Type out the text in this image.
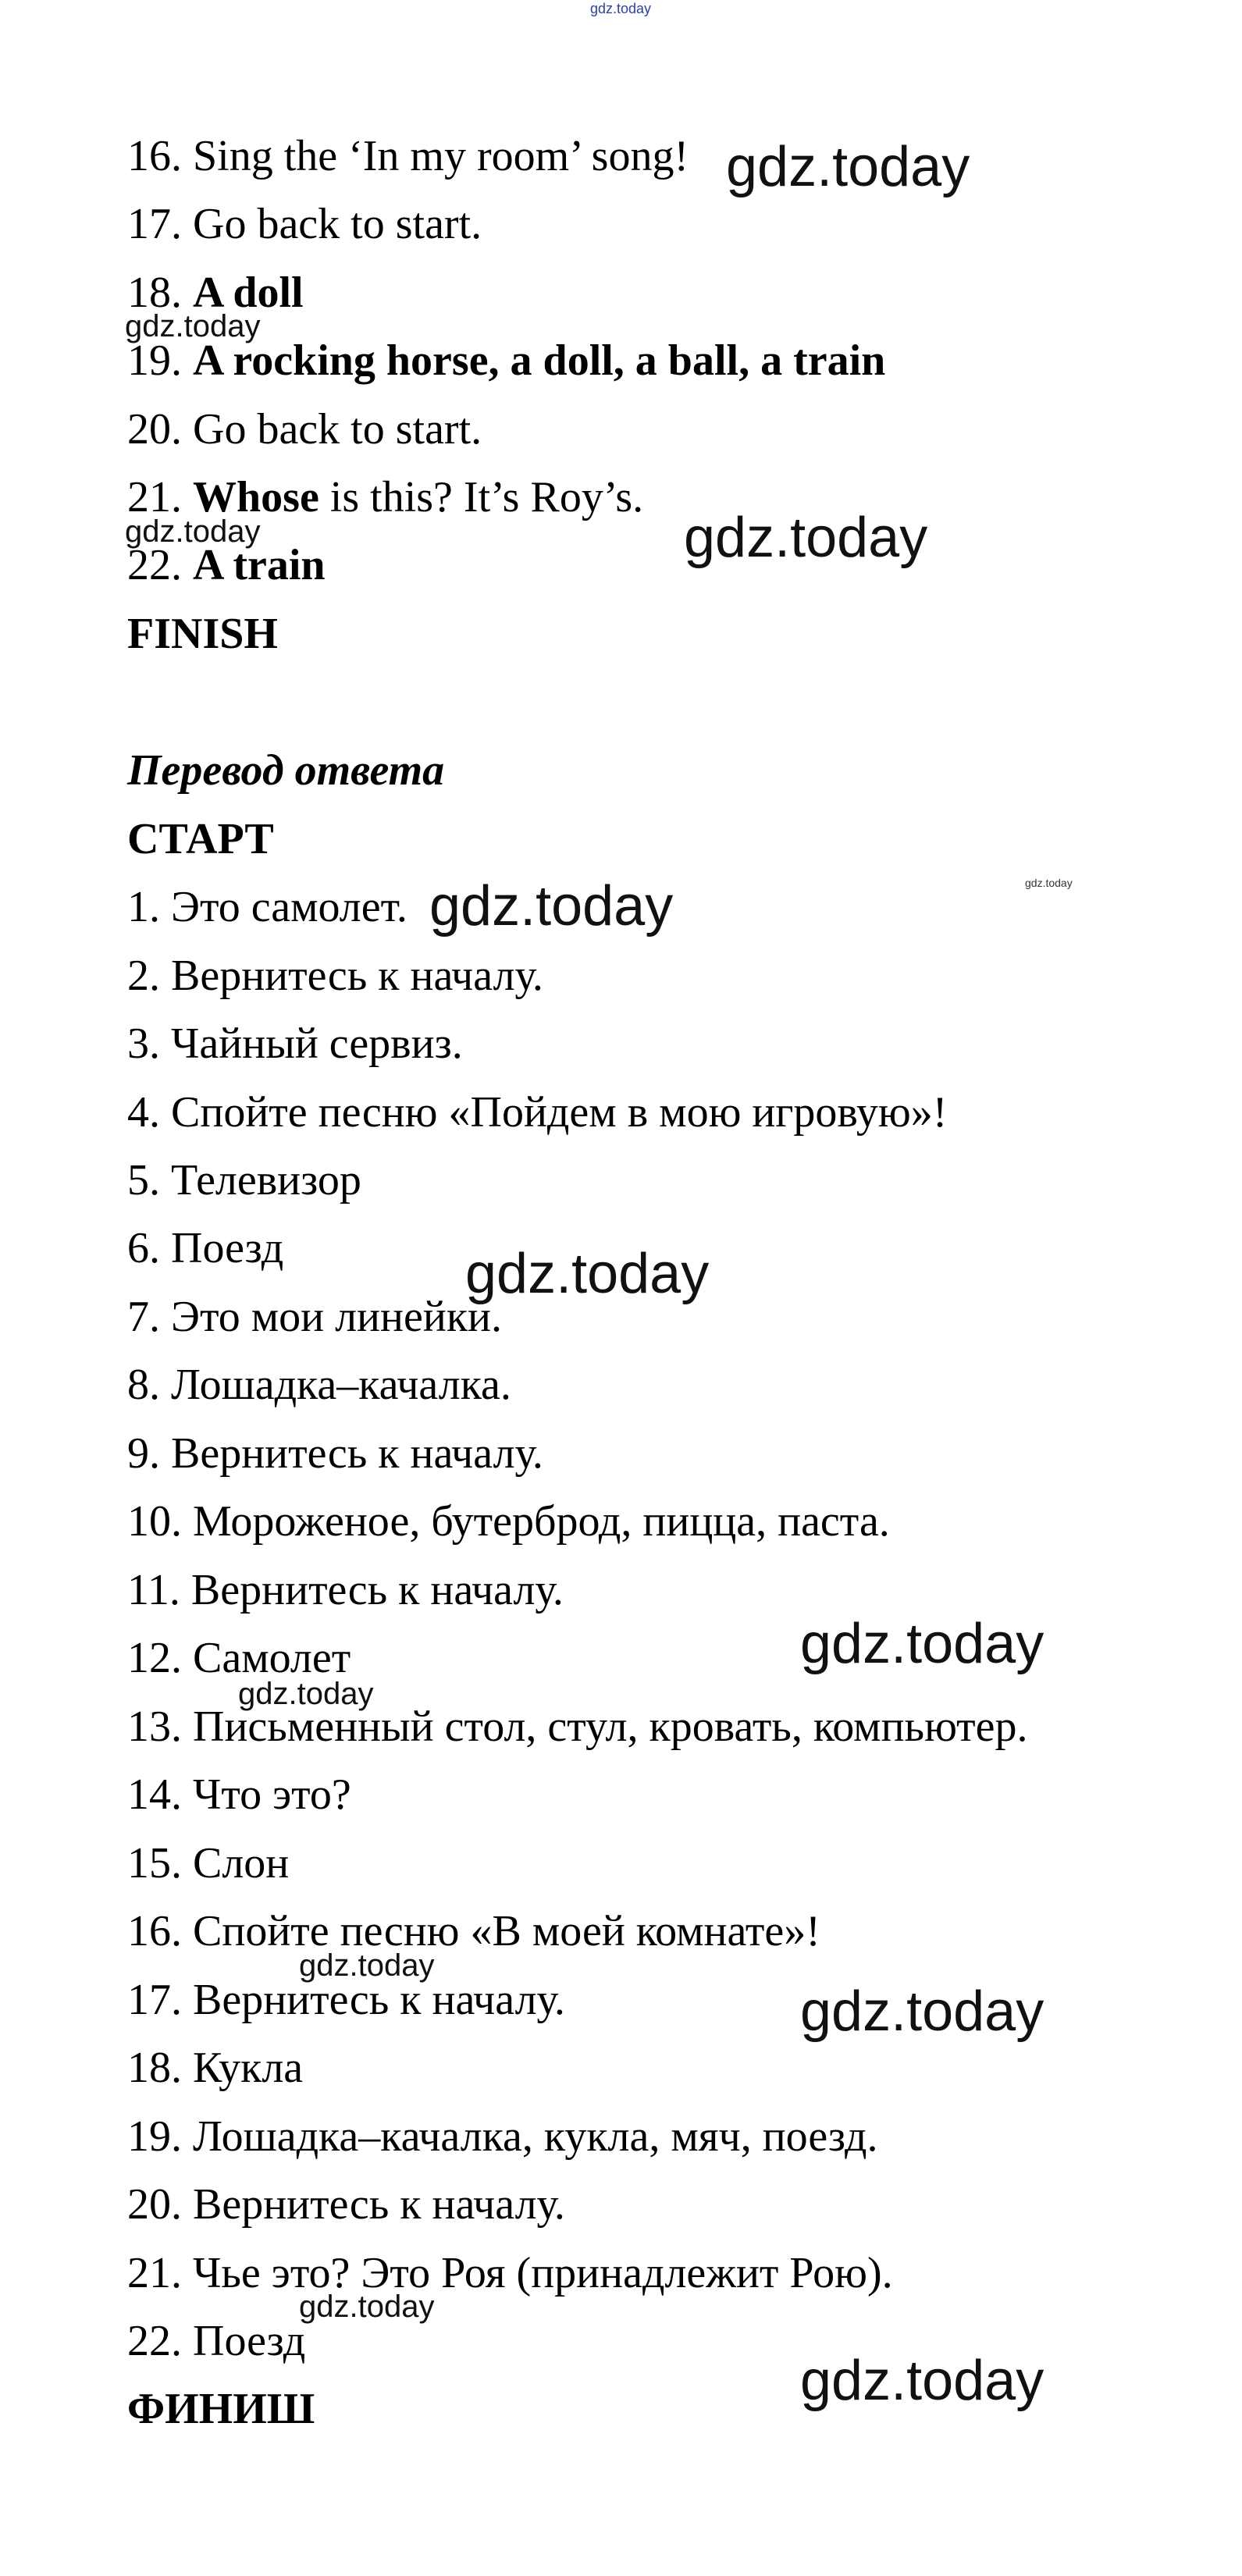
gdz.today
gdz.today
gdz.today
gdz.today	gdz.today
gdz.today
gdz.today
gdz.today
gdz.today
gdz.today
gdz.today
gdz.today
gdz.today
gdz.today
16. Sing the ‘In my room’ song!
17. Go back to start.
18. A doll
19. A rocking horse, a doll, a ball, a train
20. Go back to start.
21. Whose is this? It’s Roy’s.
22. A train
FINISH
Перевод ответа
СТАРТ
1. Это самолет.
2. Вернитесь к началу.
3. Чайный сервиз.
4. Спойте песню «Пойдем в мою игровую»!
5. Телевизор
6. Поезд
7. Это мои линейки.
8. Лошадка–качалка.
9. Вернитесь к началу.
10. Мороженое, бутерброд, пицца, паста.
11. Вернитесь к началу.
12. Самолет
13. Письменный стол, стул, кровать, компьютер.
14. Что это?
15. Слон
16. Спойте песню «В моей комнате»!
17. Вернитесь к началу.
18. Кукла
19. Лошадка–качалка, кукла, мяч, поезд.
20. Вернитесь к началу.
21. Чье это? Это Роя (принадлежит Рою).
22. Поезд
ФИНИШ
